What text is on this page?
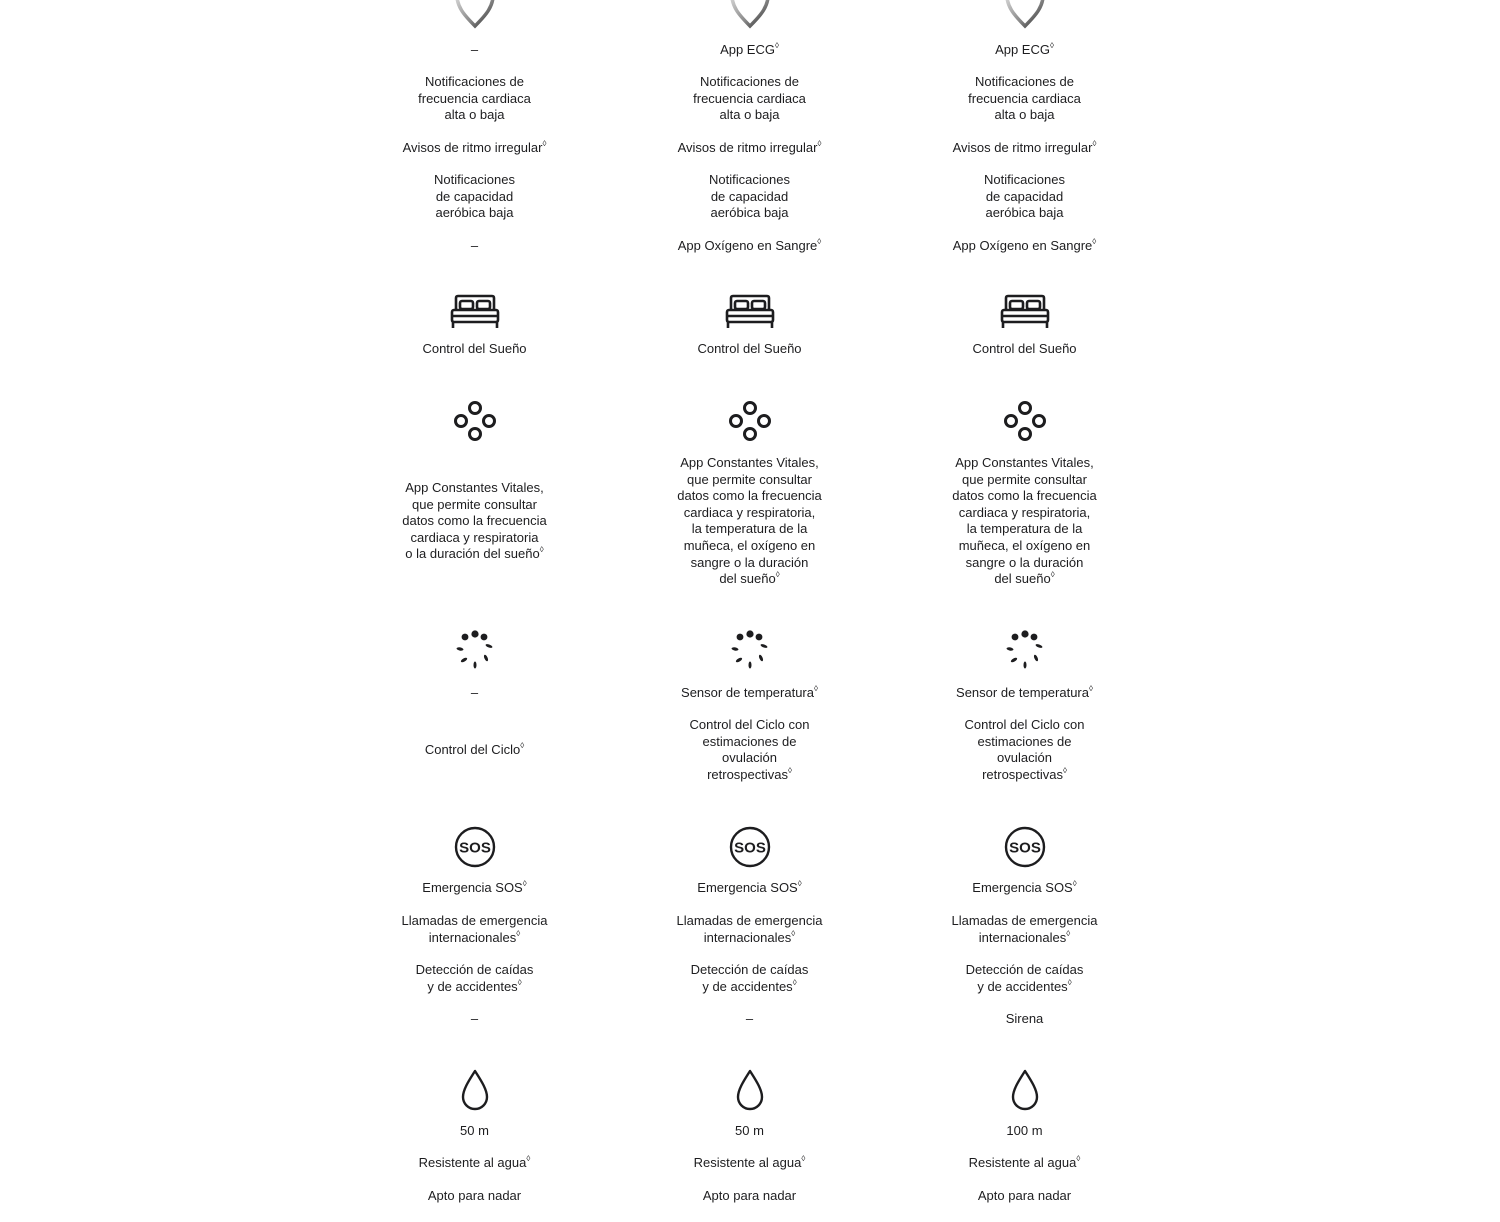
–
Notificaciones de
frecuencia cardiaca
alta o baja
Avisos de ritmo irregular◊
Notificaciones
de capacidad
aeróbica baja
–
Control del Sueño
App Constantes Vitales,
que permite consultar
datos como la frecuencia
cardiaca y respiratoria
o la duración del sueño◊
–
Control del Ciclo◊
SOS
Emergencia SOS◊
Llamadas de emergencia
internacionales◊
Detección de caídas
y de accidentes◊
–
50 m
Resistente al agua◊
Apto para nadar
App ECG◊
Notificaciones de
frecuencia cardiaca
alta o baja
Avisos de ritmo irregular◊
Notificaciones
de capacidad
aeróbica baja
App Oxígeno en Sangre◊
Control del Sueño
App Constantes Vitales,
que permite consultar
datos como la frecuencia
cardiaca y respiratoria,
la temperatura de la
muñeca, el oxígeno en
sangre o la duración
del sueño◊
Sensor de temperatura◊
Control del Ciclo con
estimaciones de
ovulación
retrospectivas◊
SOS
Emergencia SOS◊
Llamadas de emergencia
internacionales◊
Detección de caídas
y de accidentes◊
–
50 m
Resistente al agua◊
Apto para nadar
App ECG◊
Notificaciones de
frecuencia cardiaca
alta o baja
Avisos de ritmo irregular◊
Notificaciones
de capacidad
aeróbica baja
App Oxígeno en Sangre◊
Control del Sueño
App Constantes Vitales,
que permite consultar
datos como la frecuencia
cardiaca y respiratoria,
la temperatura de la
muñeca, el oxígeno en
sangre o la duración
del sueño◊
Sensor de temperatura◊
Control del Ciclo con
estimaciones de
ovulación
retrospectivas◊
SOS
Emergencia SOS◊
Llamadas de emergencia
internacionales◊
Detección de caídas
y de accidentes◊
Sirena
100 m
Resistente al agua◊
Apto para nadar
